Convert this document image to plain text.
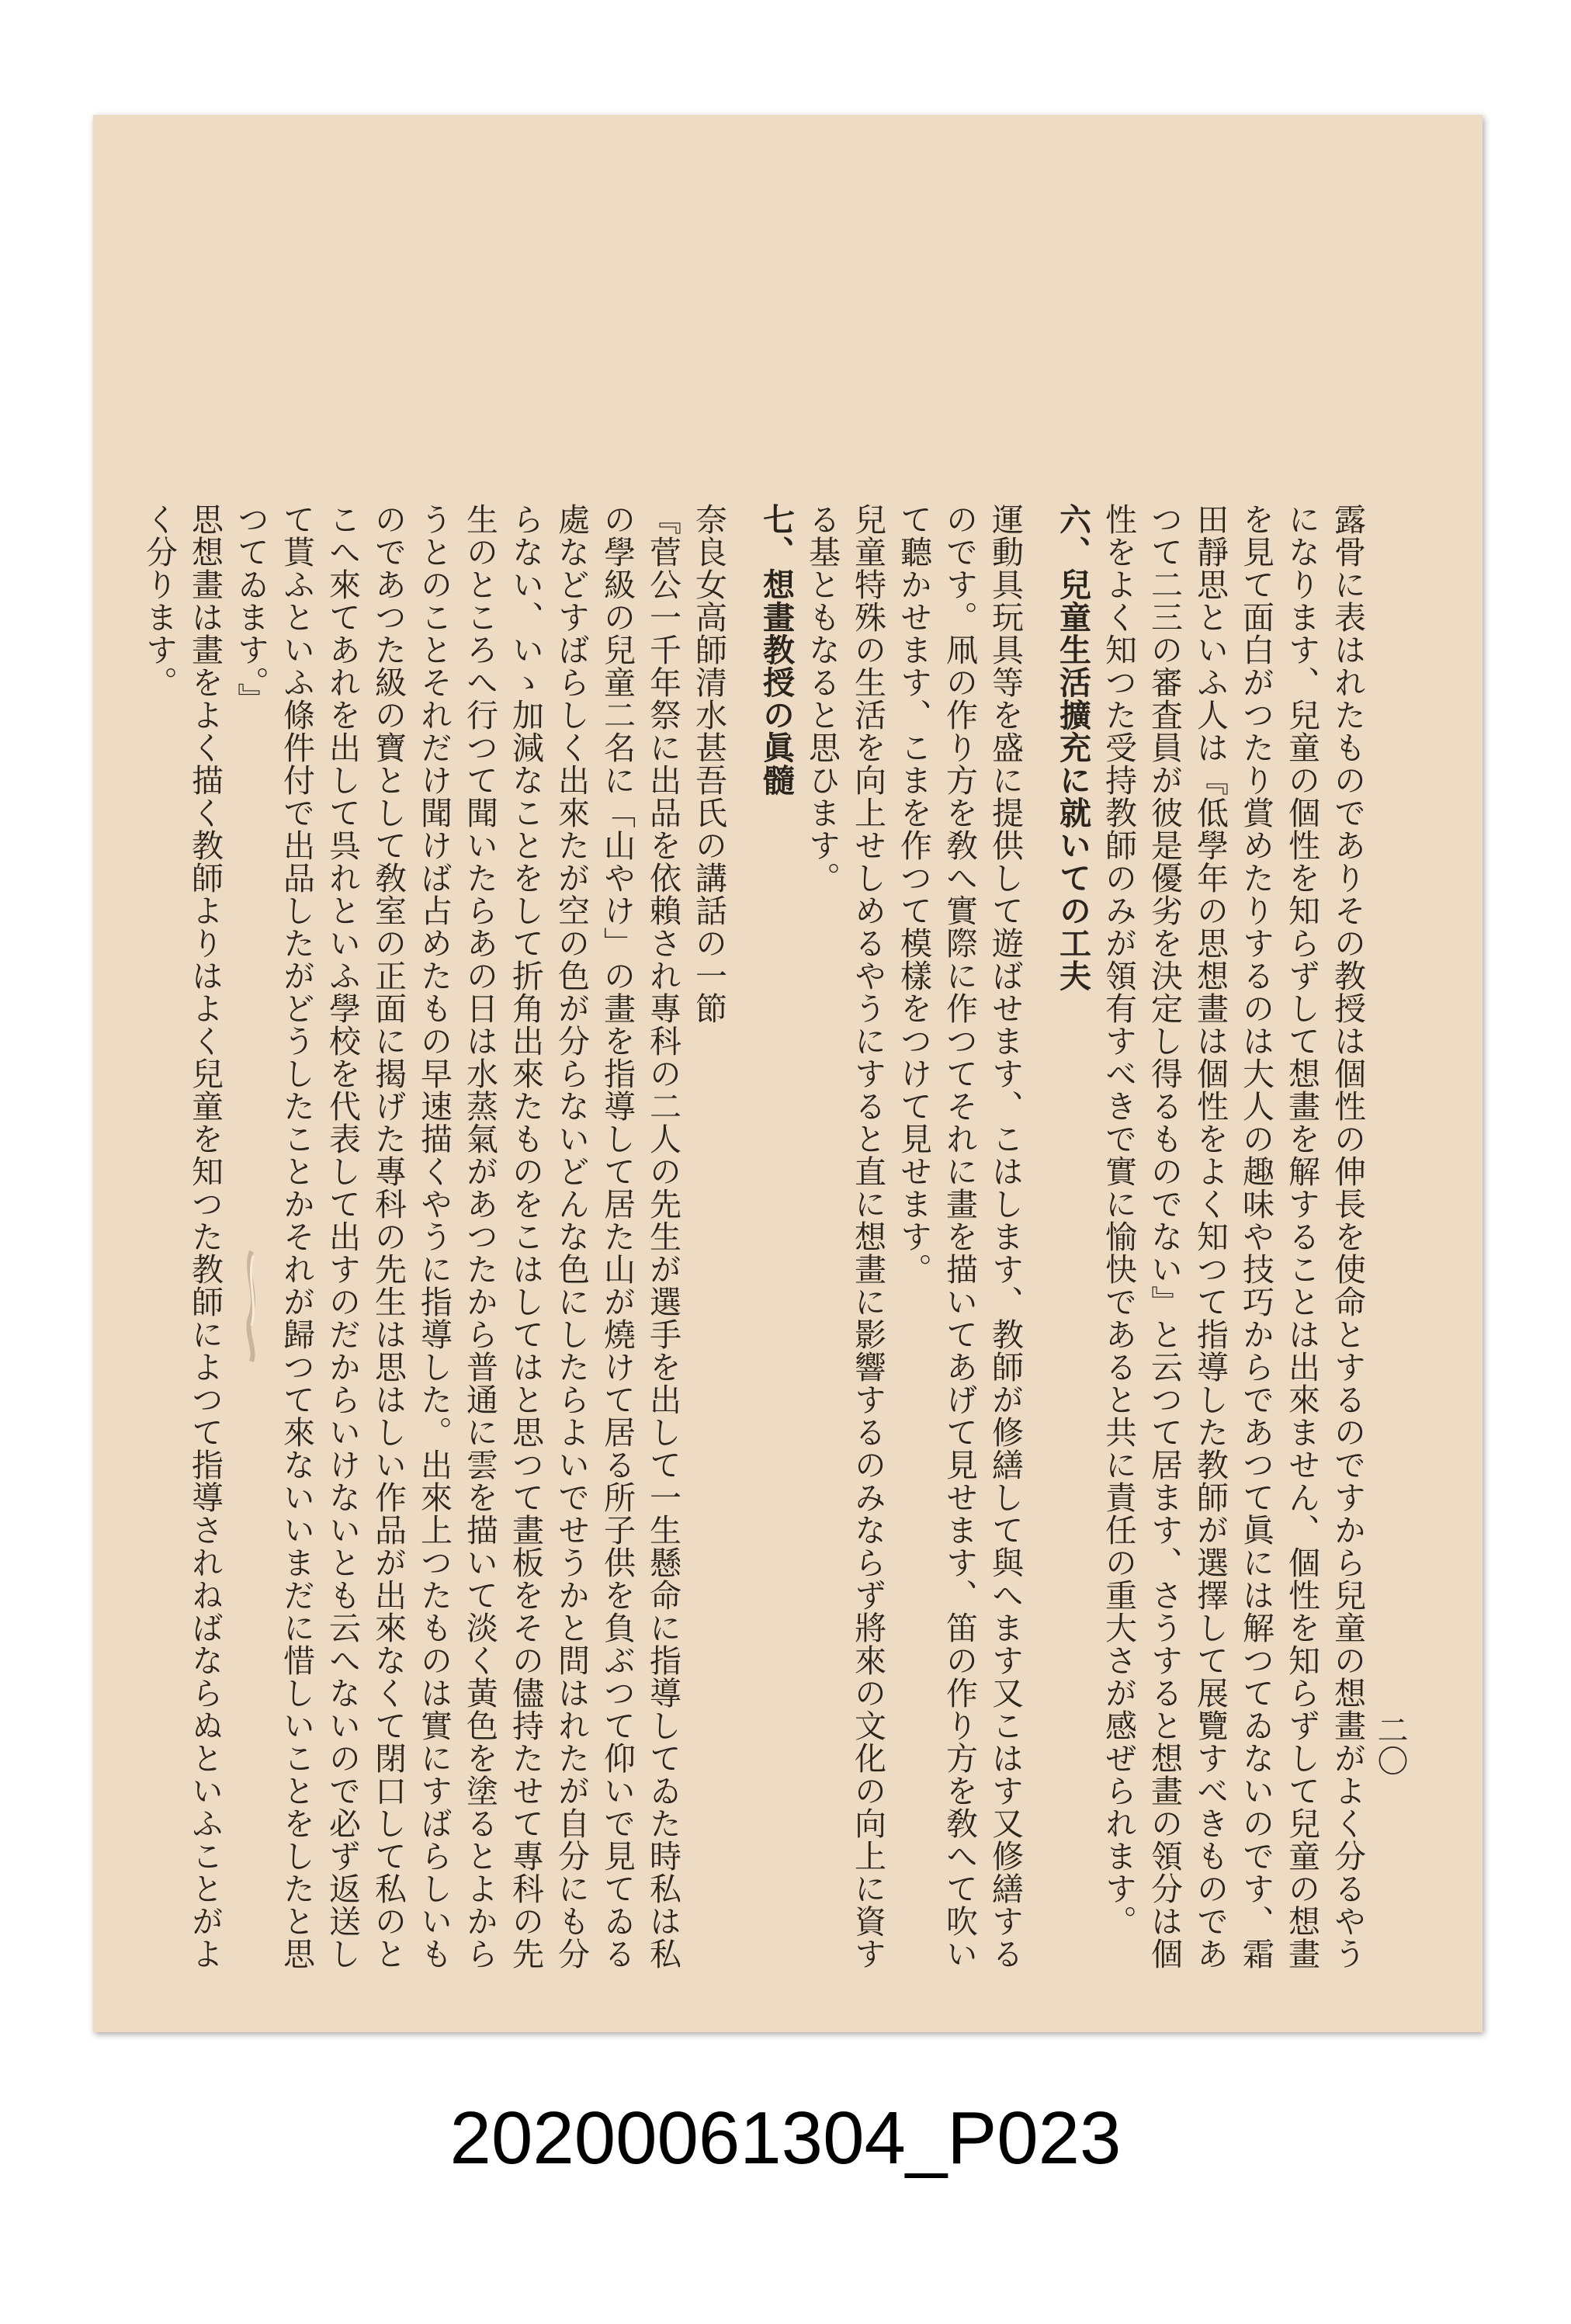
二〇

露骨に表はれたものでありその教授は個性の伸長を使命とするのですから兒童の想畫がよく分るやうになります、兒童の個性を知らずして想畫を解することは出來ません、個性を知らずして兒童の想畫を見て面白がつたり賞めたりするのは大人の趣味や技巧からであつて眞には解つてゐないのです、霜田靜思といふ人は『低學年の思想畫は個性をよく知つて指導した教師が選擇して展覽すべきものであつて二三の審査員が彼是優劣を決定し得るものでない』と云つて居ます、さうすると想畫の領分は個性をよく知つた受持教師のみが領有すべきで實に愉快であると共に責任の重大さが感ぜられます。

六、兒童生活擴充に就いての工夫

運動具玩具等を盛に提供して遊ばせます、こはします、教師が修繕して與へます又こはす又修繕するのです。凧の作り方を敎へ實際に作つてそれに畫を描いてあげて見せます、笛の作り方を敎へて吹いて聽かせます、こまを作つて模樣をつけて見せます。

兒童特殊の生活を向上せしめるやうにすると直に想畫に影響するのみならず將來の文化の向上に資する基ともなると思ひます。

七、想畫教授の眞髓

奈良女高師清水甚吾氏の講話の一節

『菅公一千年祭に出品を依賴され專科の二人の先生が選手を出して一生懸命に指導してゐた時私は私の學級の兒童二名に「山やけ」の畫を指導して居た山が燒けて居る所子供を負ぶつて仰いで見てゐる處などすばらしく出來たが空の色が分らないどんな色にしたらよいでせうかと問はれたが自分にも分らない、いゝ加減なことをして折角出來たものをこはしてはと思つて畫板をその儘持たせて專科の先生のところへ行つて聞いたらあの日は水蒸氣があつたから普通に雲を描いて淡く黃色を塗るとよからうとのことそれだけ聞けば占めたもの早速描くやうに指導した。出來上つたものは實にすばらしいものであつた級の寶として敎室の正面に揭げた專科の先生は思はしい作品が出來なくて閉口して私のとこへ來てあれを出して呉れといふ學校を代表して出すのだからいけないとも云へないので必ず返送して貰ふといふ條件付で出品したがどうしたことかそれが歸つて來ないいまだに惜しいことをしたと思つてゐます。』

思想畫は畫をよく描く教師よりはよく兒童を知つた教師によつて指導されねばならぬといふことがよく分ります。

20200061304_P023
